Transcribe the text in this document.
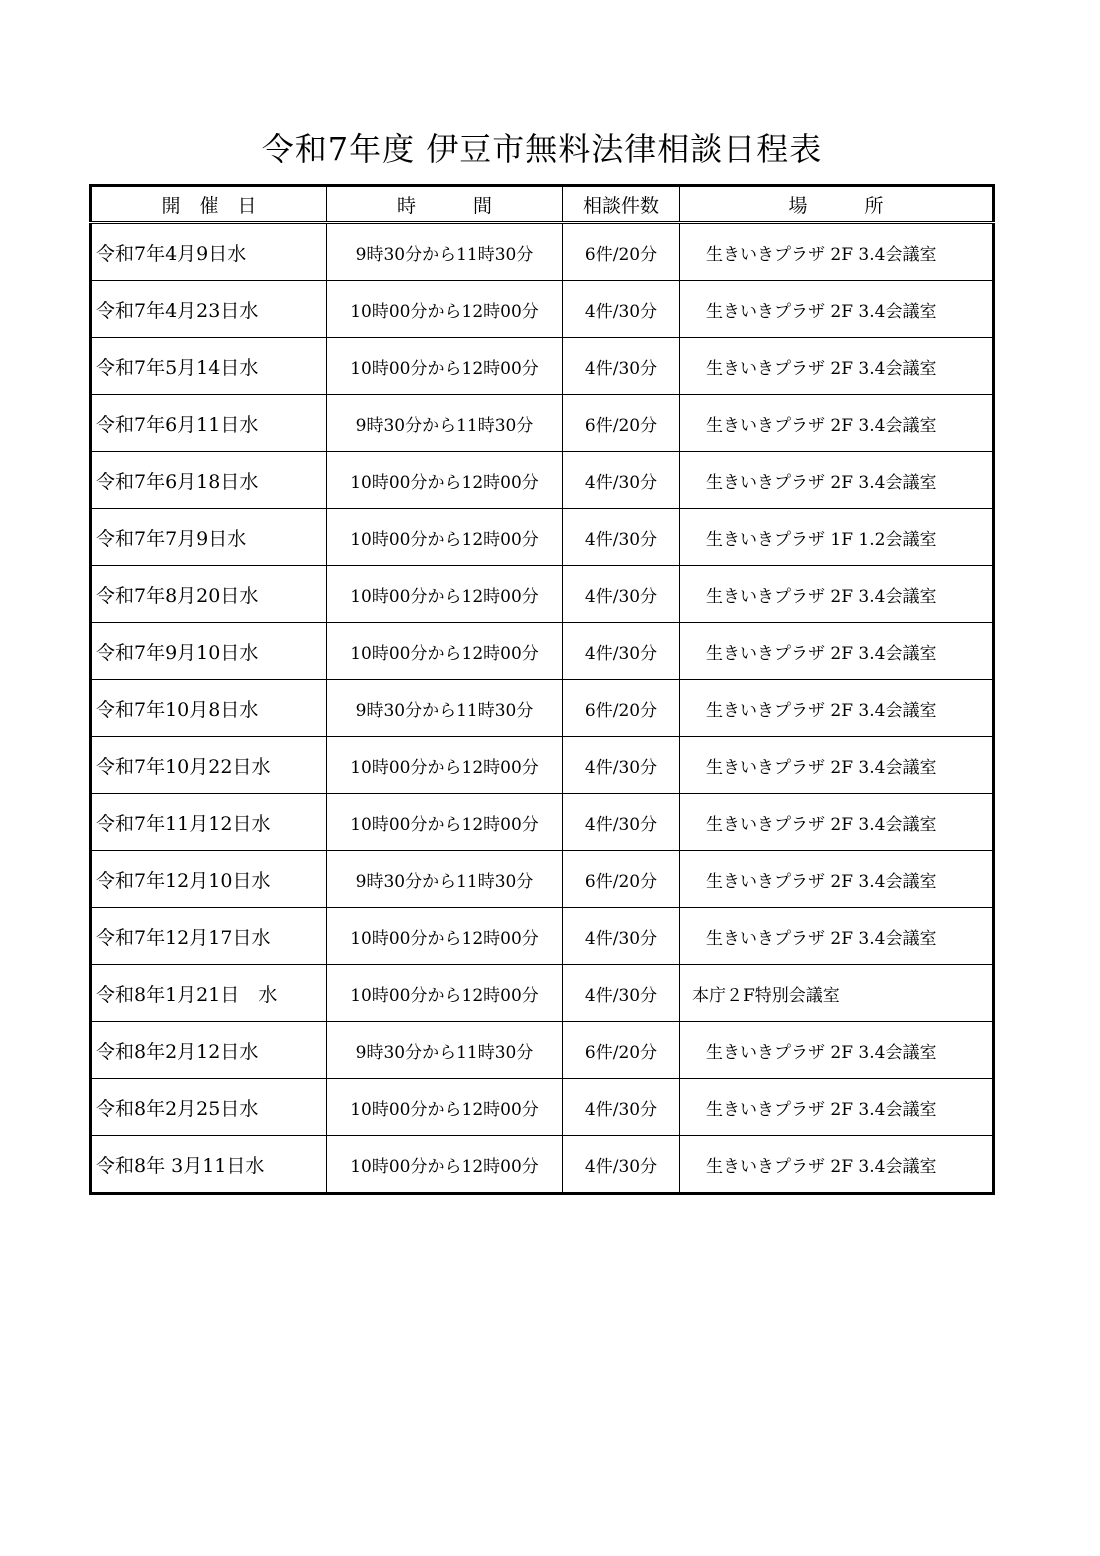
令和7年度 伊豆市無料法律相談日程表
開　催　日	時　　　間	相談件数	場　　　所
令和7年4月9日水	9時30分から11時30分	6件/20分	生きいきプラザ 2F 3.4会議室
令和7年4月23日水	10時00分から12時00分	4件/30分	生きいきプラザ 2F 3.4会議室
令和7年5月14日水	10時00分から12時00分	4件/30分	生きいきプラザ 2F 3.4会議室
令和7年6月11日水	9時30分から11時30分	6件/20分	生きいきプラザ 2F 3.4会議室
令和7年6月18日水	10時00分から12時00分	4件/30分	生きいきプラザ 2F 3.4会議室
令和7年7月9日水	10時00分から12時00分	4件/30分	生きいきプラザ 1F 1.2会議室
令和7年8月20日水	10時00分から12時00分	4件/30分	生きいきプラザ 2F 3.4会議室
令和7年9月10日水	10時00分から12時00分	4件/30分	生きいきプラザ 2F 3.4会議室
令和7年10月8日水	9時30分から11時30分	6件/20分	生きいきプラザ 2F 3.4会議室
令和7年10月22日水	10時00分から12時00分	4件/30分	生きいきプラザ 2F 3.4会議室
令和7年11月12日水	10時00分から12時00分	4件/30分	生きいきプラザ 2F 3.4会議室
令和7年12月10日水	9時30分から11時30分	6件/20分	生きいきプラザ 2F 3.4会議室
令和7年12月17日水	10時00分から12時00分	4件/30分	生きいきプラザ 2F 3.4会議室
令和8年1月21日　水	10時00分から12時00分	4件/30分	本庁２F特別会議室
令和8年2月12日水	9時30分から11時30分	6件/20分	生きいきプラザ 2F 3.4会議室
令和8年2月25日水	10時00分から12時00分	4件/30分	生きいきプラザ 2F 3.4会議室
令和8年 3月11日水	10時00分から12時00分	4件/30分	生きいきプラザ 2F 3.4会議室
